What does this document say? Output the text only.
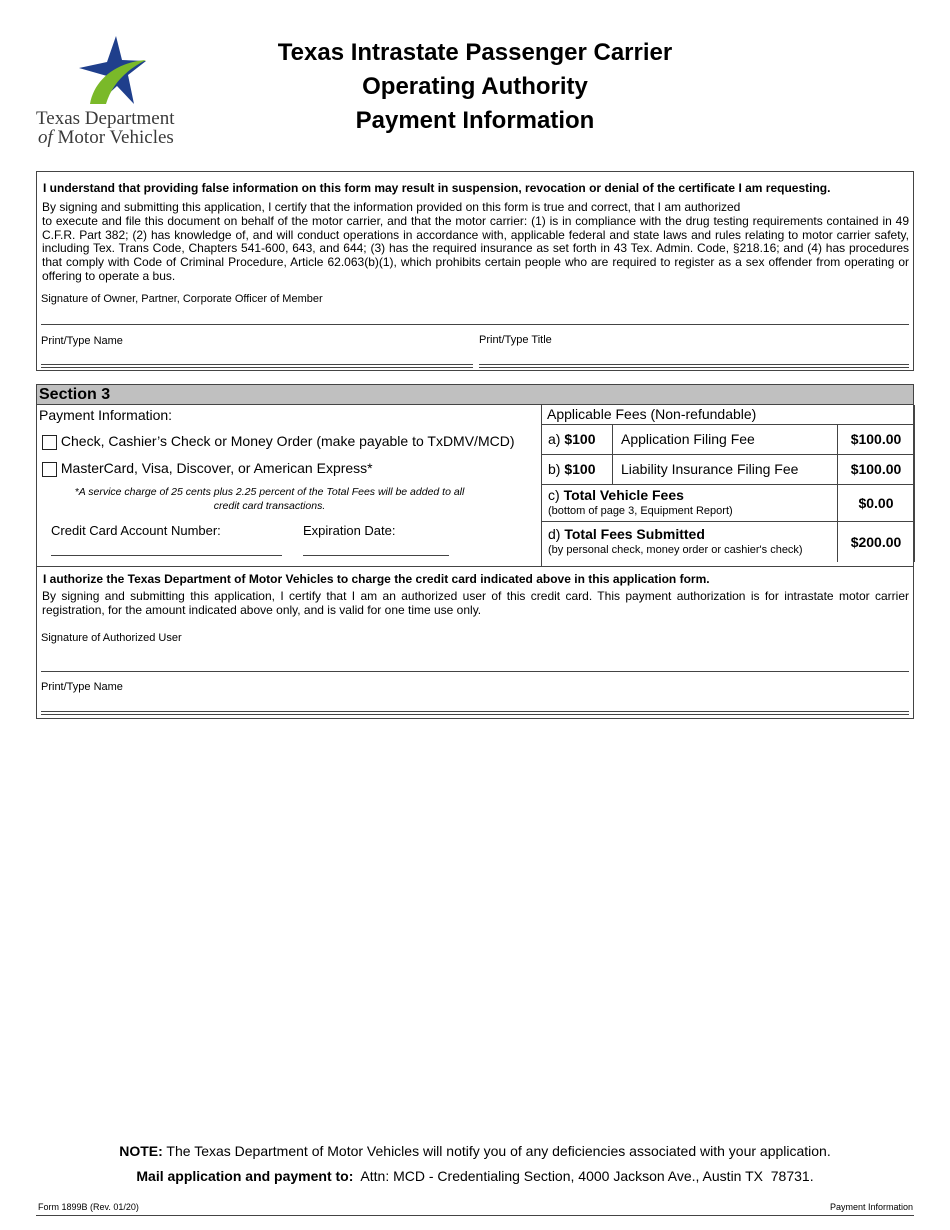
Texas Department
of Motor Vehicles
Texas Intrastate Passenger Carrier
Operating Authority
Payment Information
I understand that providing false information on this form may result in suspension, revocation or denial of the certificate I am requesting.
By signing and submitting this application, I certify that the information provided on this form is true and correct, that I am authorized
to execute and file this document on behalf of the motor carrier, and that the motor carrier: (1) is in compliance with the drug testing requirements contained in 49 C.F.R. Part 382; (2) has knowledge of, and will conduct operations in accordance with, applicable federal and state laws and rules relating to motor carrier safety, including Tex. Trans Code, Chapters 541-600, 643, and 644; (3) has the required insurance as set forth in 43 Tex. Admin. Code, §218.16; and (4) has procedures that comply with Code of Criminal Procedure, Article 62.063(b)(1), which prohibits certain people who are required to register as a sex offender from operating or offering to operate a bus.
Signature of Owner, Partner, Corporate Officer of Member
Print/Type Name	Print/Type Title
Section 3
Payment Information:
Check, Cashier’s Check or Money Order (make payable to TxDMV/MCD)
MasterCard, Visa, Discover, or American Express*
*A service charge of 25 cents plus 2.25 percent of the Total Fees will be added to all
credit card transactions.
Credit Card Account Number:	Expiration Date:
Applicable Fees (Non-refundable)		
a) $100	Application Filing Fee	$100.00
b) $100	Liability Insurance Filing Fee	$100.00

c) Total Vehicle Fees
(bottom of page 3, Equipment Report)		$0.00

d) Total Fees Submitted
(by personal check, money order or cashier's check)		$200.00
I authorize the Texas Department of Motor Vehicles to charge the credit card indicated above in this application form.
By signing and submitting this application, I certify that I am an authorized user of this credit card. This payment authorization is for intrastate motor carrier registration, for the amount indicated above only, and is valid for one time use only.
Signature of Authorized User
Print/Type Name
NOTE: The Texas Department of Motor Vehicles will notify you of any deficiencies associated with your application.
Mail application and payment to:  Attn: MCD - Credentialing Section, 4000 Jackson Ave., Austin TX  78731.
Form 1899B (Rev. 01/20)	Payment Information
